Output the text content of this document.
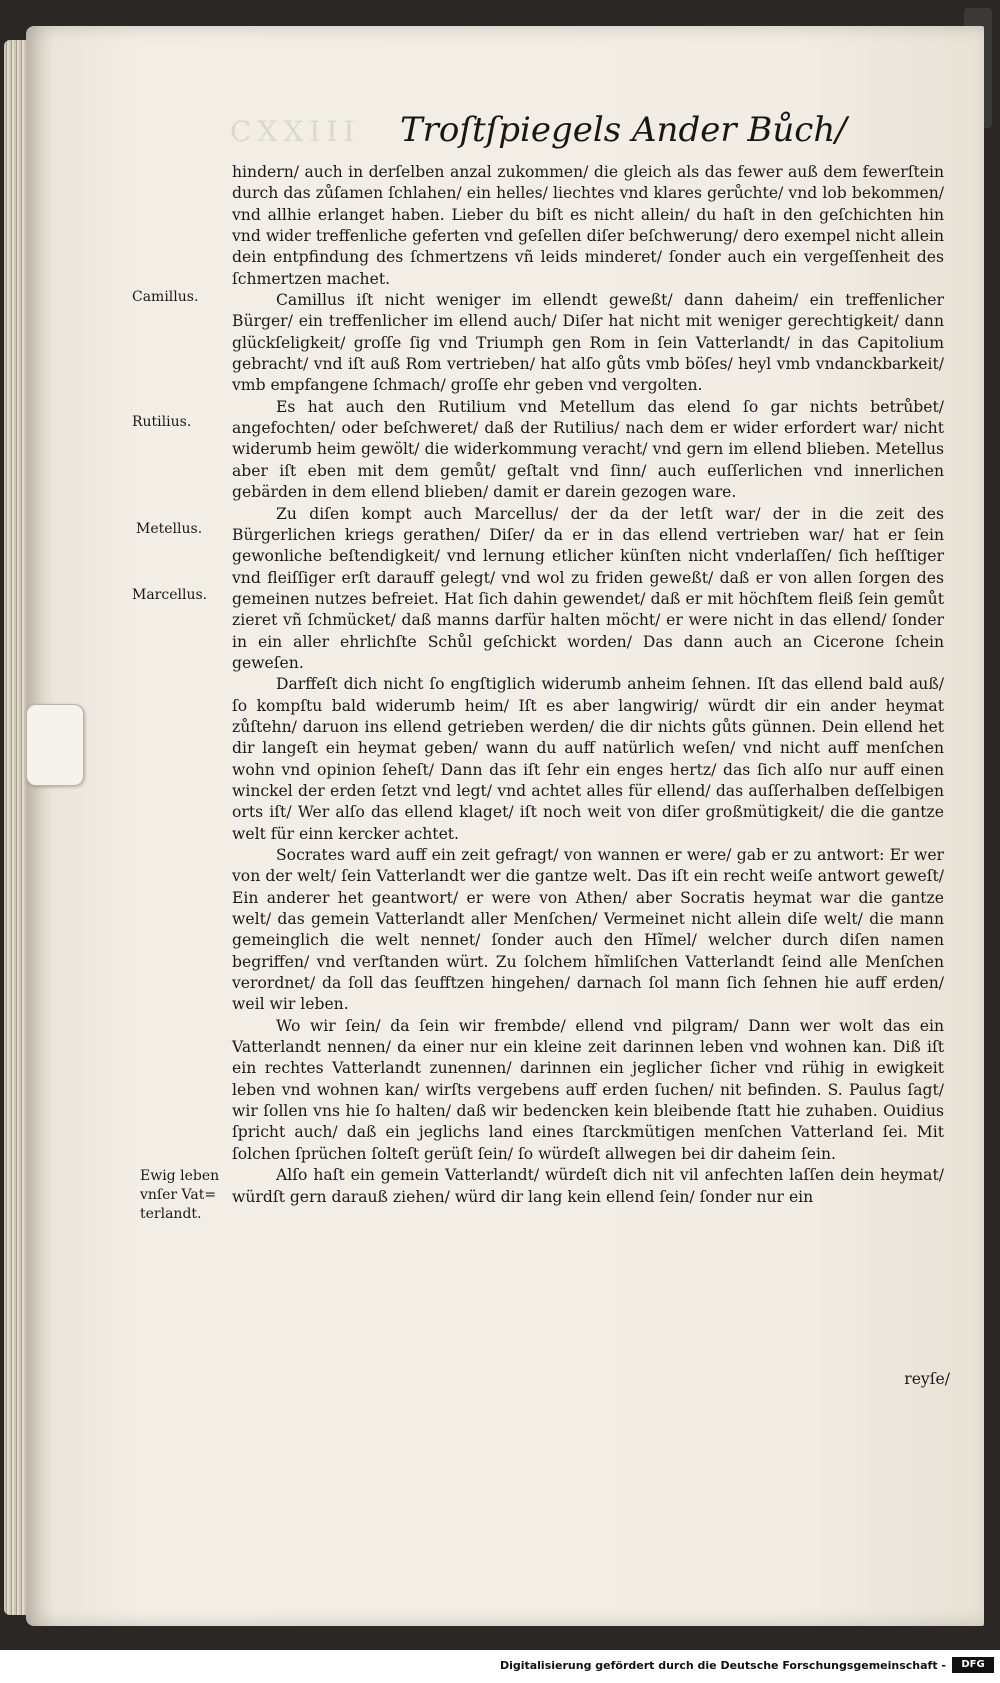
CXXIII	Troſtſpiegels Ander Bůch/
Camillus.
Rutilius.
Metellus.
Marcellus.
Ewig leben
vnſer Vat=
terlandt.

hindern/ auch in derſelben anzal zukommen/ die gleich als das fewer auß dem fewerſtein durch das zůſamen ſchlahen/ ein helles/ liechtes vnd klares gerůchte/ vnd lob bekommen/ vnd allhie erlanget haben. Lieber du biſt es nicht allein/ du haſt in den geſchichten hin vnd wider treffenliche geferten vnd geſellen diſer beſchwerung/ dero exempel nicht allein dein entpfindung des ſchmertzens vñ leids minderet/ ſonder auch ein vergeſſenheit des ſchmertzen machet.

Camillus iſt nicht weniger im ellendt geweßt/ dann daheim/ ein treffenlicher Bürger/ ein treffenlicher im ellend auch/ Diſer hat nicht mit weniger gerechtigkeit/ dann glückſeligkeit/ groſſe ſig vnd Triumph gen Rom in ſein Vatterlandt/ in das Capitolium gebracht/ vnd iſt auß Rom vertrieben/ hat alſo gůts vmb böſes/ heyl vmb vndanckbarkeit/ vmb empfangene ſchmach/ groſſe ehr geben vnd vergolten.

Es hat auch den Rutilium vnd Metellum das elend ſo gar nichts betrůbet/ angefochten/ oder beſchweret/ daß der Rutilius/ nach dem er wider erfordert war/ nicht widerumb heim gewölt/ die widerkommung veracht/ vnd gern im ellend blieben. Metellus aber iſt eben mit dem gemůt/ geſtalt vnd ſinn/ auch euſſerlichen vnd innerlichen gebärden in dem ellend blieben/ damit er darein gezogen ware.

Zu diſen kompt auch Marcellus/ der da der letſt war/ der in die zeit des Bürgerlichen kriegs gerathen/ Diſer/ da er in das ellend vertrieben war/ hat er ſein gewonliche beſtendigkeit/ vnd lernung etlicher künſten nicht vnderlaſſen/ ſich heſſtiger vnd fleiſſiger erſt darauff gelegt/ vnd wol zu friden geweßt/ daß er von allen ſorgen des gemeinen nutzes befreiet. Hat ſich dahin gewendet/ daß er mit höchſtem fleiß ſein gemůt zieret vñ ſchmücket/ daß manns darfür halten möcht/ er were nicht in das ellend/ ſonder in ein aller ehrlichſte Schůl geſchickt worden/ Das dann auch an Cicerone ſchein geweſen.

Darffeſt dich nicht ſo engſtiglich widerumb anheim ſehnen. Iſt das ellend bald auß/ ſo kompſtu bald widerumb heim/ Iſt es aber langwirig/ würdt dir ein ander heymat zůſtehn/ daruon ins ellend getrieben werden/ die dir nichts gůts günnen. Dein ellend het dir langeſt ein heymat geben/ wann du auff natürlich weſen/ vnd nicht auff menſchen wohn vnd opinion ſeheſt/ Dann das iſt ſehr ein enges hertz/ das ſich alſo nur auff einen winckel der erden ſetzt vnd legt/ vnd achtet alles für ellend/ das auſſerhalben deſſelbigen orts iſt/ Wer alſo das ellend klaget/ iſt noch weit von diſer großmütigkeit/ die die gantze welt für einn kercker achtet.

Socrates ward auff ein zeit gefragt/ von wannen er were/ gab er zu antwort: Er wer von der welt/ ſein Vatterlandt wer die gantze welt. Das iſt ein recht weiſe antwort geweſt/ Ein anderer het geantwort/ er were von Athen/ aber Socratis heymat war die gantze welt/ das gemein Vatterlandt aller Menſchen/ Vermeinet nicht allein diſe welt/ die mann gemeinglich die welt nennet/ ſonder auch den Hĩmel/ welcher durch diſen namen begriffen/ vnd verſtanden würt. Zu ſolchem hĩmliſchen Vatterlandt ſeind alle Menſchen verordnet/ da ſoll das ſeufftzen hingehen/ darnach ſol mann ſich ſehnen hie auff erden/ weil wir leben.

Wo wir ſein/ da ſein wir frembde/ ellend vnd pilgram/ Dann wer wolt das ein Vatterlandt nennen/ da einer nur ein kleine zeit darinnen leben vnd wohnen kan. Diß iſt ein rechtes Vatterlandt zunennen/ darinnen ein jeglicher ſicher vnd rühig in ewigkeit leben vnd wohnen kan/ wirſts vergebens auff erden ſuchen/ nit befinden. S. Paulus ſagt/ wir ſollen vns hie ſo halten/ daß wir bedencken kein bleibende ſtatt hie zuhaben. Ouidius ſpricht auch/ daß ein jeglichs land eines ſtarckmütigen menſchen Vatterland ſei. Mit ſolchen ſprüchen ſolteſt gerüſt ſein/ ſo würdeſt allwegen bei dir daheim ſein.

Alſo haſt ein gemein Vatterlandt/ würdeſt dich nit vil anfechten laſſen dein heymat/ würdſt gern darauß ziehen/ würd dir lang kein ellend ſein/ ſonder nur ein

reyſe/
Digitalisierung gefördert durch die Deutsche Forschungsgemeinschaft -	DFG
